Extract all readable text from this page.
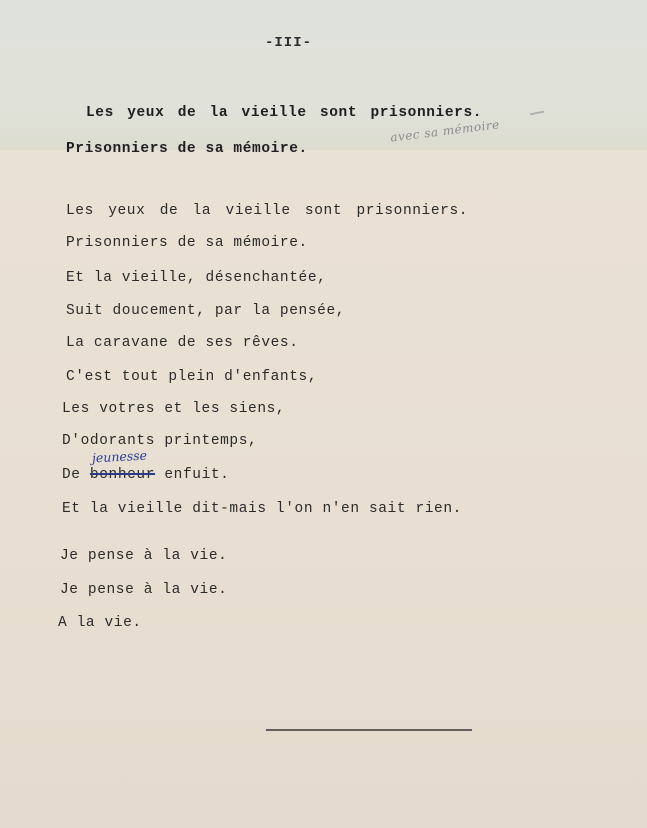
-III-
Les yeux de la vieille sont prisonniers.
Prisonniers de sa mémoire.
avec sa mémoire
Les yeux de la vieille sont prisonniers.
Prisonniers de sa mémoire.
Et la vieille, désenchantée,
Suit doucement, par la pensée,
La caravane de ses rêves.
C'est tout plein d'enfants,
Les votres et les siens,
D'odorants printemps,
jeunesse
De bonheur enfuit.
Et la vieille dit-mais l'on n'en sait rien.
Je pense à la vie.
Je pense à la vie.
A la vie.
